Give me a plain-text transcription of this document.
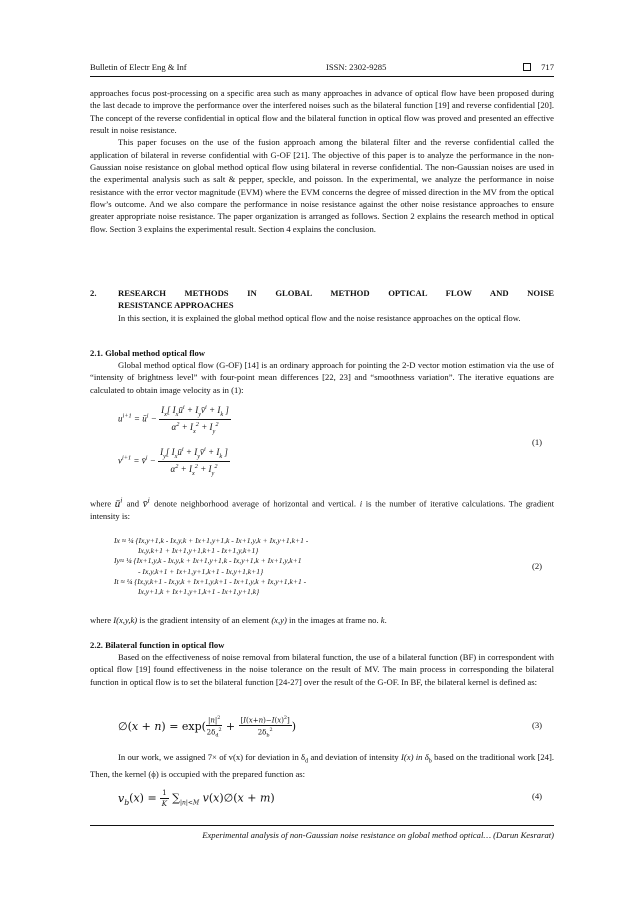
Bulletin of Electr Eng & Inf	ISSN: 2302-9285	717

approaches focus post-processing on a specific area such as many approaches in advance of optical flow have been proposed during the last decade to improve the performance over the interfered noises such as the bilateral function [19] and reverse confidential [20]. The concept of the reverse confidential in optical flow and the bilateral function in optical flow was proved and presented an effective result in noise resistance.

This paper focuses on the use of the fusion approach among the bilateral filter and the reverse confidential called the application of bilateral in reverse confidential with G-OF [21]. The objective of this paper is to analyze the performance in the non-Gaussian noise resistance on global method optical flow using bilateral in reverse confidential. The non-Gaussian noises are used in the experimental analysis such as salt & pepper, speckle, and poisson. In the experimental, we analyze the performance in noise resistance with the error vector magnitude (EVM) where the EVM concerns the degree of missed direction in the MV from the optical flow’s outcome. And we also compare the performance in noise resistance against the other noise resistance approaches to ensure greater appropriate noise resistance. The paper organization is arranged as follows. Section 2 explains the research method in optical flow. Section 3 explains the experimental result. Section 4 explains the conclusion.

2. RESEARCH METHODS IN GLOBAL METHOD OPTICAL FLOW AND NOISE
RESISTANCE APPROACHES
In this section, it is explained the global method optical flow and the noise resistance approaches on the optical flow.
2.1. Global method optical flow
Global method optical flow (G-OF) [14] is an ordinary approach for pointing the 2-D vector motion estimation via the use of “intensity of brightness level” with four-point mean differences [22, 23] and “smoothness variation”. The iterative equations are calculated to obtain image velocity as in (1):
$u^{i+1}$ = $ū^i - \frac{I_x[ I_xū^i + I_yv̄^i + I_k ]}{\alpha^2 + I_x^2 + I_y^2}$
$v^{i+1}$ = v̄$^i$ − $\frac{I_y[ I_xū^i + I_yv̄^i + I_k ]}{\alpha^2 + I_x^2 + I_y^2}$
(1)
where $ū^i$ and v̄$^i$ denote neighborhood average of horizontal and vertical. i is the number of iterative calculations. The gradient intensity is:
Ix ≈ ¼ {Ix,y+1,k - Ix,y,k + Ix+1,y+1,k - Ix+1,y,k + Ix,y+1,k+1 -
Ix,y,k+1 + Ix+1,y+1,k+1 - Ix+1,y,k+1}
Iy≈ ¼ {Ix+1,y,k - Ix,y,k + Ix+1,y+1,k - Ix,y+1,k + Ix+1,y,k+1
- Ix,y,k+1 + Ix+1,y+1,k+1 - Ix,y+1,k+1}
It ≈ ¼ {Ix,y,k+1 - Ix,y,k + Ix+1,y,k+1 - Ix+1,y,k + Ix,y+1,k+1 -
Ix,y+1,k + Ix+1,y+1,k+1 - Ix+1,y+1,k}
(2)
where I(x,y,k) is the gradient intensity of an element (x,y) in the images at frame no. k.
2.2. Bilateral function in optical flow
Based on the effectiveness of noise removal from bilateral function, the use of a bilateral function (BF) in correspondent with optical flow [19] found effectiveness in the noise tolerance on the result of MV. The main process in corresponding the bilateral function in optical flow is to set the bilateral function [24-27] over the result of the G-OF. In BF, the bilateral kernel is defined as:
∅(x + $n) = \exp( \frac{|n|^2}{2\delta_d^2} + \frac{[I(x+n)-I(x)^2]}{2\delta_b^2}$ )	(3)
In our work, we assigned 7× of v(x) for deviation in $\delta_d$ and deviation of intensity I(x) in $\delta_b$ based on the traditional work [24]. Then, the kernel (ϕ) is occupied with the prepared function as:
$v_b(x) = \frac{1}{K} \sum_{|n|<M}$ v(x)∅(x + m)	(4)
Experimental analysis of non-Gaussian noise resistance on global method optical… (Darun Kesrarat)
